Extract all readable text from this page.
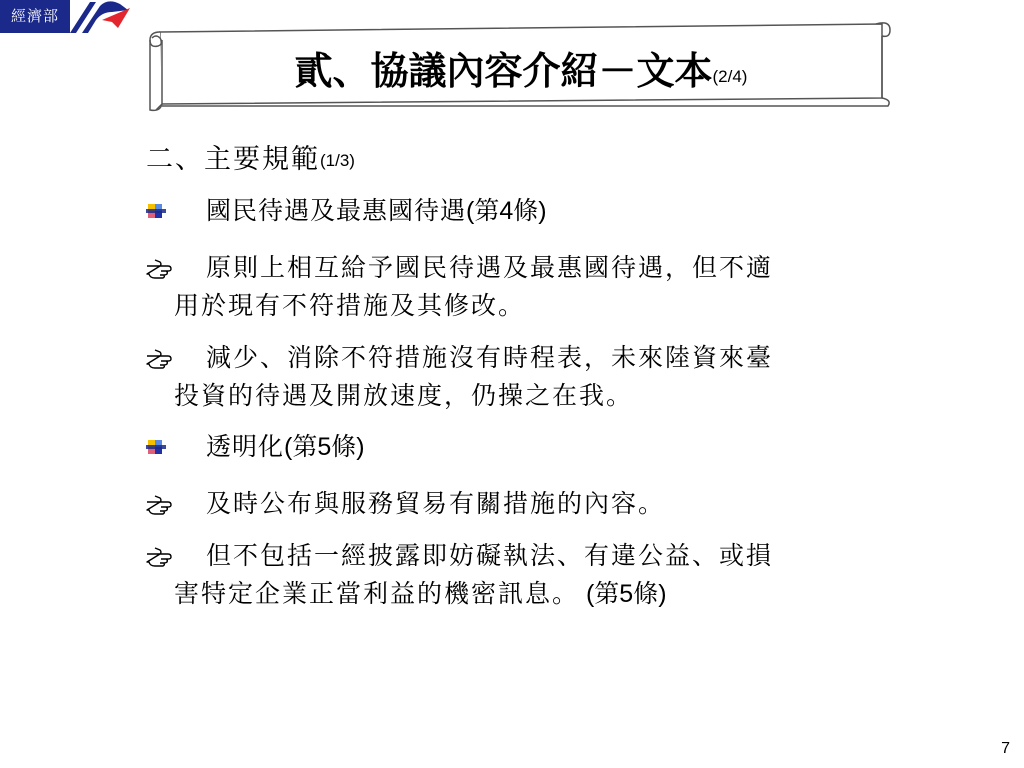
經濟部
貳、協議內容介紹－文本(2/4)
二、主要規範(1/3)
國民待遇及最惠國待遇(第4條)
原則上相互給予國民待遇及最惠國待遇，但不適
用於現有不符措施及其修改。
減少、消除不符措施沒有時程表，未來陸資來臺
投資的待遇及開放速度，仍操之在我。
透明化(第5條)
及時公布與服務貿易有關措施的內容。
但不包括一經披露即妨礙執法、有違公益、或損
害特定企業正當利益的機密訊息。 (第5條)
7
